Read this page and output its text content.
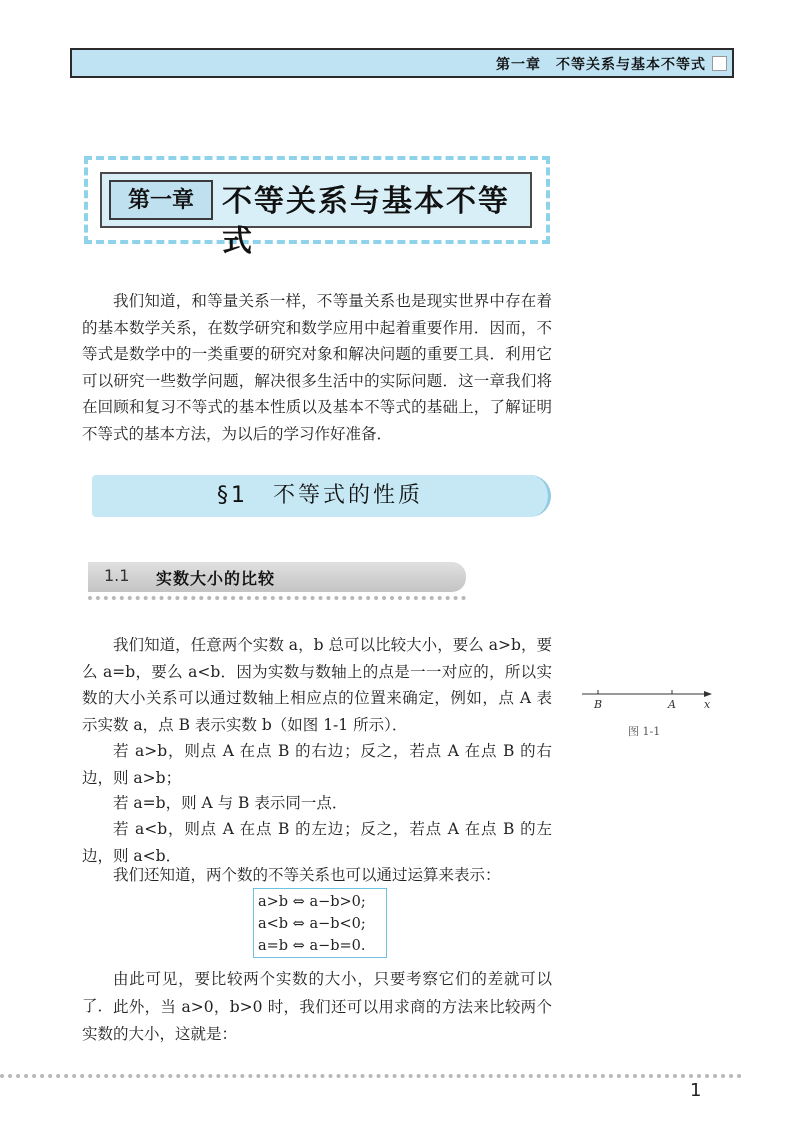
第一章　不等关系与基本不等式
第一章 不等关系与基本不等式

我们知道，和等量关系一样，不等量关系也是现实世界中存在着的基本数学关系，在数学研究和数学应用中起着重要作用．因而，不等式是数学中的一类重要的研究对象和解决问题的重要工具．利用它可以研究一些数学问题，解决很多生活中的实际问题．这一章我们将在回顾和复习不等式的基本性质以及基本不等式的基础上，了解证明不等式的基本方法，为以后的学习作好准备．

§1　不等式的性质
1.1 实数大小的比较

我们知道，任意两个实数 a，b 总可以比较大小，要么 a>b，要么 a=b，要么 a<b．因为实数与数轴上的点是一一对应的，所以实数的大小关系可以通过数轴上相应点的位置来确定，例如，点 A 表示实数 a，点 B 表示实数 b（如图 1-1 所示）．

若 a>b，则点 A 在点 B 的右边；反之，若点 A 在点 B 的右边，则 a>b；

若 a=b，则 A 与 B 表示同一点．

若 a<b，则点 A 在点 B 的左边；反之，若点 A 在点 B 的左边，则 a<b．

我们还知道，两个数的不等关系也可以通过运算来表示：

a>b ⇔ a−b>0;
a<b ⇔ a−b<0;
a=b ⇔ a−b=0.

由此可见，要比较两个实数的大小，只要考察它们的差就可以了． 此外，当 a>0，b>0 时，我们还可以用求商的方法来比较两个实数的大小，这就是：

B	A	x
图 1-1
1
